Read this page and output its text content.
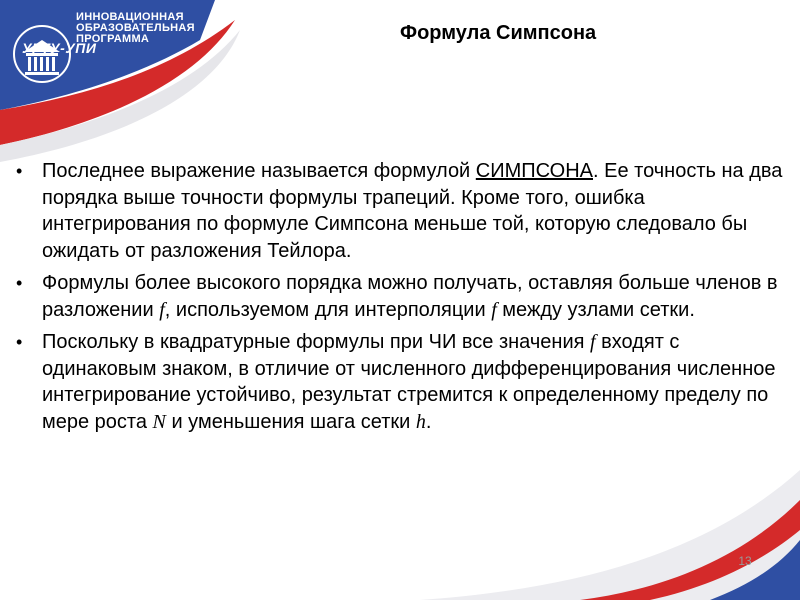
ИННОВАЦИОННАЯ
ОБРАЗОВАТЕЛЬНАЯ
ПРОГРАММА
УГТУ-УПИ
Формула Симпсона
• Последнее выражение называется формулой СИМПСОНА. Ее точность на два порядка выше точности формулы трапеций. Кроме того, ошибка интегрирования по формуле Симпсона меньше той, которую следовало бы ожидать от разложения Тейлора.
• Формулы более высокого порядка можно получать, оставляя больше членов в разложении f, используемом для интерполяции f между узлами сетки.
• Поскольку в квадратурные формулы при ЧИ все значения f входят с одинаковым знаком, в отличие от численного дифференцирования численное интегрирование устойчиво, результат стремится к определенному пределу по мере роста N и уменьшения шага сетки h.
13
